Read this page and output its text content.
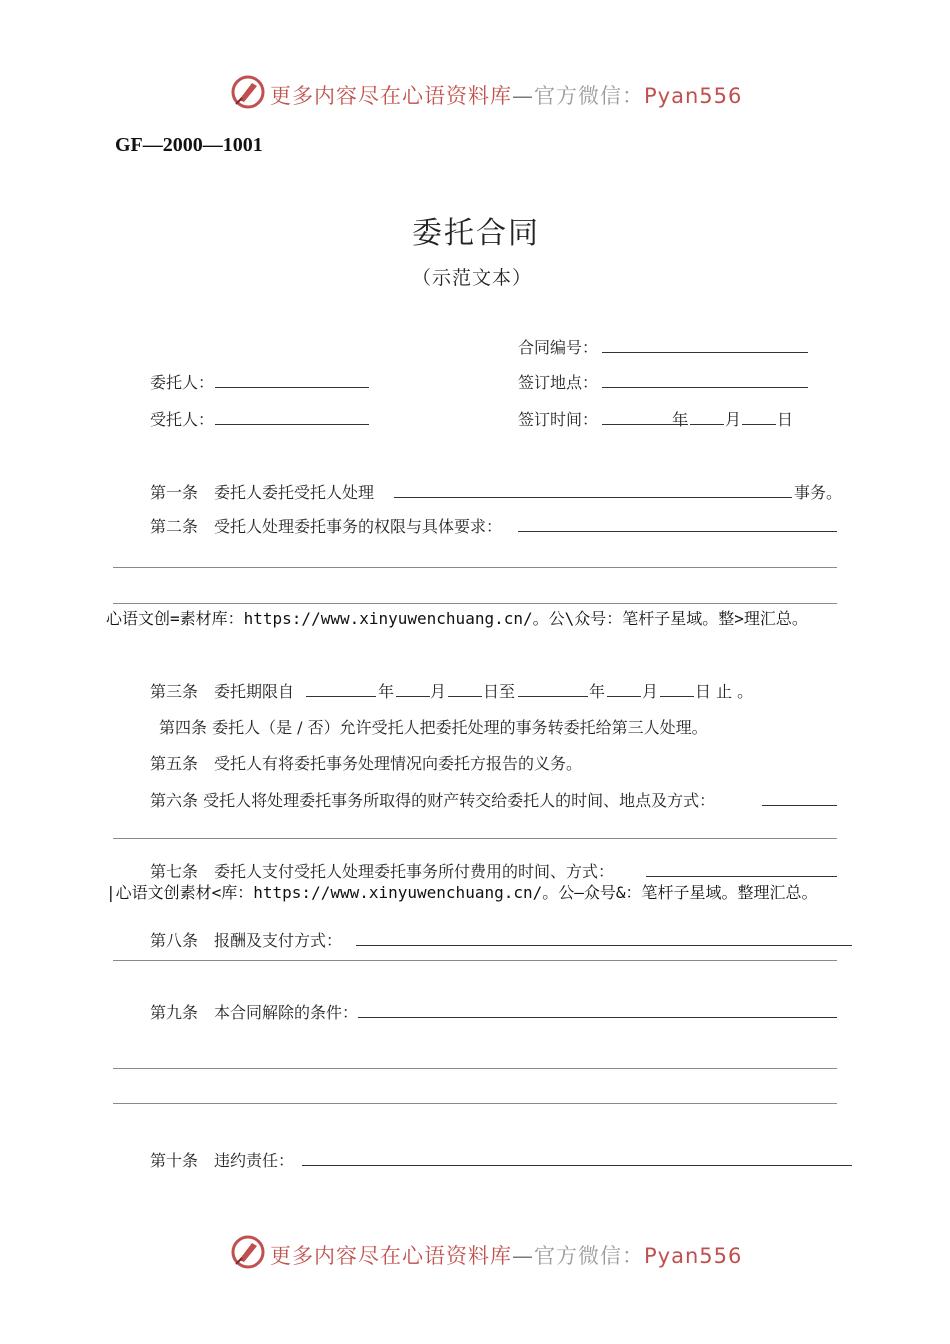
更多内容尽在心语资料库—官方微信：Pyan556
GF—2000—1001
委托合同
（示范文本）
合同编号：
委托人：	签订地点：
受托人：	签订时间：	年 月 日
第一条　委托人委托受托人处理	事务。
第二条　受托人处理委托事务的权限与具体要求：
心语文创=素材库：https://www.xinyuwenchuang.cn/。公\众号：笔杆子星域。整>理汇总。
第三条　委托期限自	年 月 日至	年 月 日 止 。
第四条 委托人（是 / 否）允许受托人把委托处理的事务转委托给第三人处理。
第五条　受托人有将委托事务处理情况向委托方报告的义务。
第六条 受托人将处理委托事务所取得的财产转交给委托人的时间、地点及方式：
第七条　委托人支付受托人处理委托事务所付费用的时间、方式：
|心语文创素材<库：https://www.xinyuwenchuang.cn/。公—众号&：笔杆子星域。整理汇总。
第八条　报酬及支付方式：
第九条　本合同解除的条件：
第十条　违约责任：
更多内容尽在心语资料库—官方微信：Pyan556
